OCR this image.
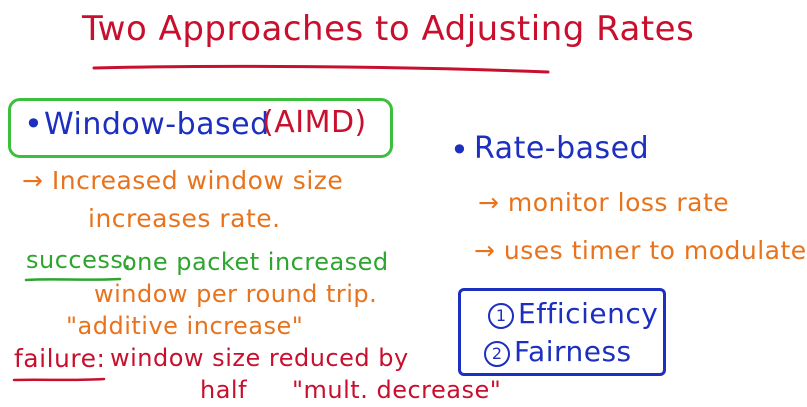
Two Approaches to Adjusting Rates
• Window-based
(AIMD)
→ Increased window size
increases rate.
success:
one packet increased
window per round trip.
"additive increase"
failure: window size reduced by
half "mult. decrease"
• Rate-based
→ monitor loss rate
→ uses timer to modulate
1 Efficiency
2 Fairness
